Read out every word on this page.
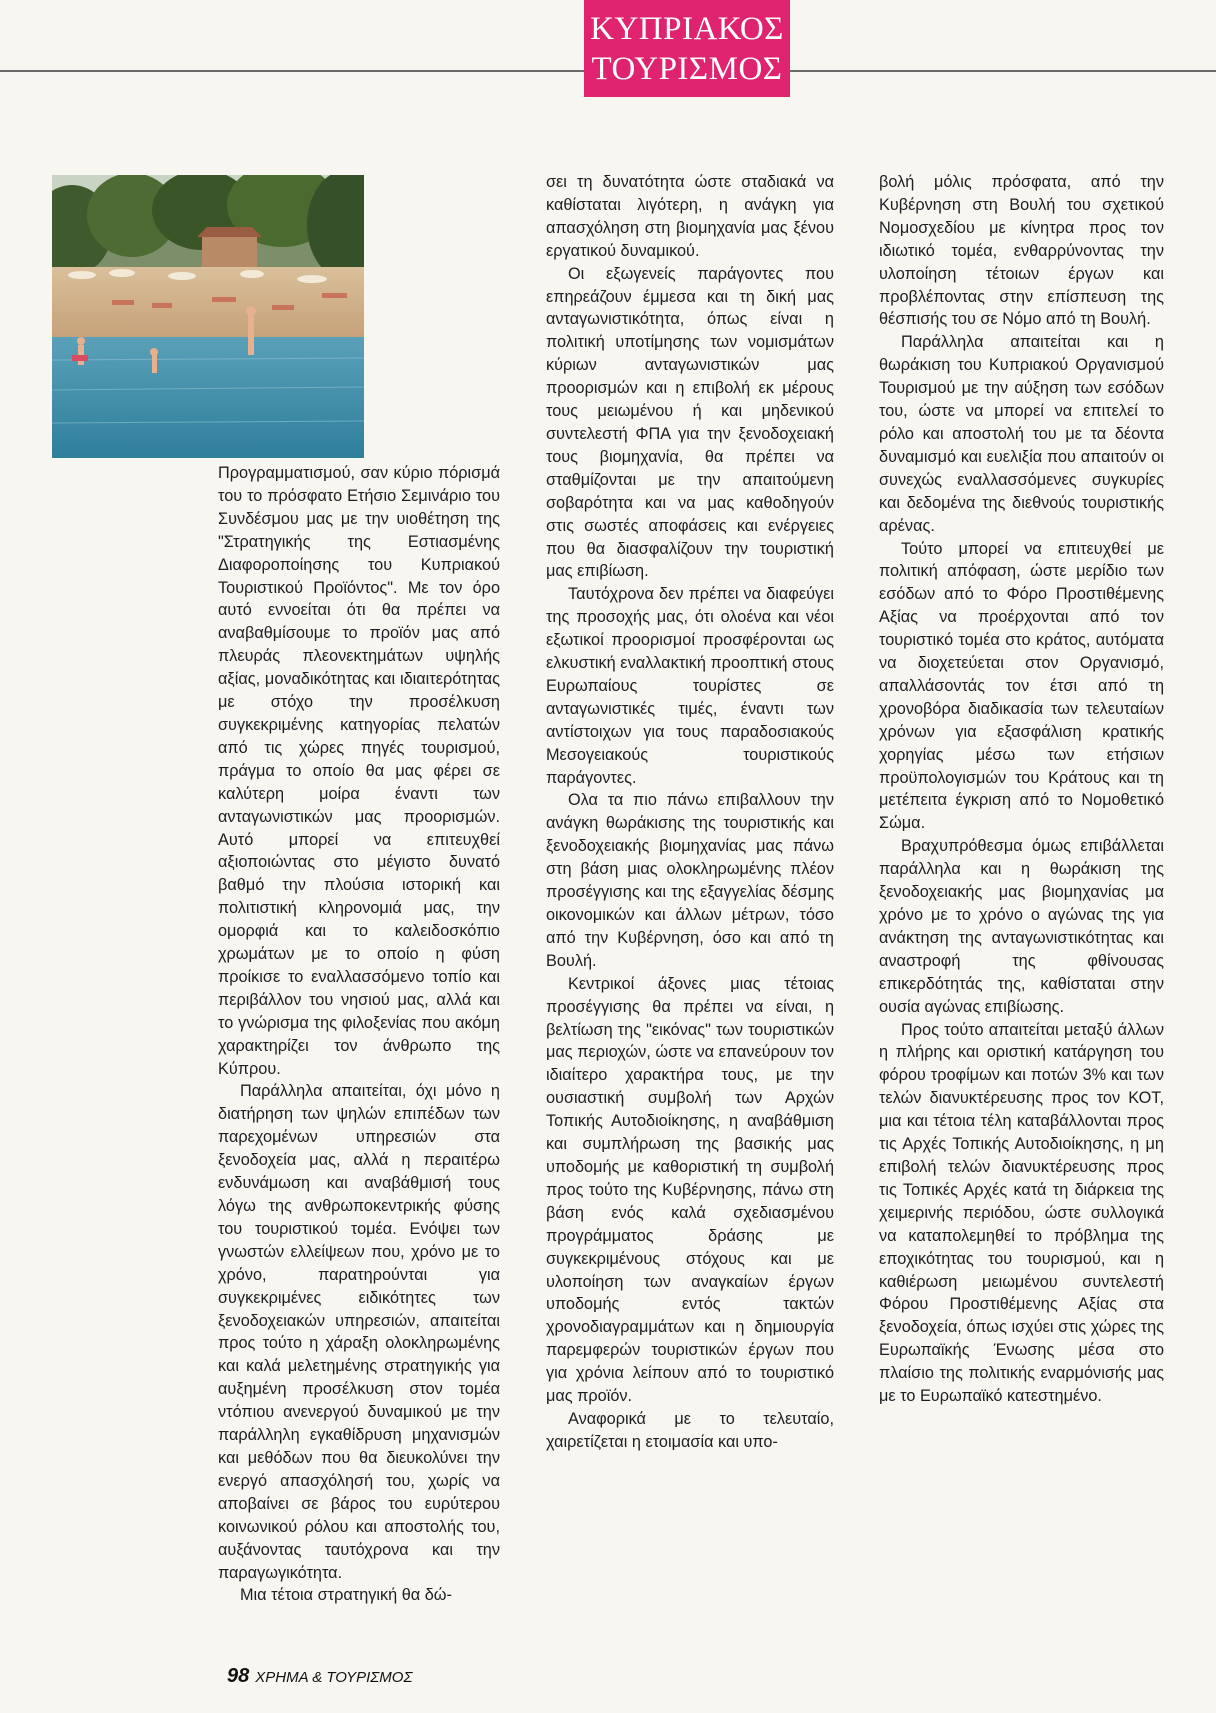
ΚΥΠΡΙΑΚΟΣ
ΤΟΥΡΙΣΜΟΣ

Προγραμματισμού, σαν κύριο πόρισμά του το πρόσφατο Ετήσιο Σεμινάριο του Συνδέσμου μας με την υιοθέτηση της "Στρατηγικής της Εστιασμένης Διαφοροποίησης του Κυπριακού Τουριστικού Προϊόντος". Με τον όρο αυτό εννοείται ότι θα πρέπει να αναβαθμίσουμε το προϊόν μας από πλευράς πλεονεκτημάτων υψηλής αξίας, μοναδικότητας και ιδιαιτερότητας με στόχο την προσέλκυση συγκεκριμένης κατηγορίας πελατών από τις χώρες πηγές τουρισμού, πράγμα το οποίο θα μας φέρει σε καλύτερη μοίρα έναντι των ανταγωνιστικών μας προορισμών. Αυτό μπορεί να επιτευχθεί αξιοποιώντας στο μέγιστο δυνατό βαθμό την πλούσια ιστορική και πολιτιστική κληρονομιά μας, την ομορφιά και το καλειδοσκόπιο χρωμάτων με το οποίο η φύση προίκισε το εναλλασσόμενο τοπίο και περιβάλλον του νησιού μας, αλλά και το γνώρισμα της φιλοξενίας που ακόμη χαρακτηρίζει τον άνθρωπο της Κύπρου.

Παράλληλα απαιτείται, όχι μόνο η διατήρηση των ψηλών επιπέδων των παρεχομένων υπηρεσιών στα ξενοδοχεία μας, αλλά η περαιτέρω ενδυνάμωση και αναβάθμισή τους λόγω της ανθρωποκεντρικής φύσης του τουριστικού τομέα. Ενόψει των γνωστών ελλείψεων που, χρόνο με το χρόνο, παρατηρούνται για συγκεκριμένες ειδικότητες των ξενοδοχειακών υπηρεσιών, απαιτείται προς τούτο η χάραξη ολοκληρωμένης και καλά μελετημένης στρατηγικής για αυξημένη προσέλκυση στον τομέα ντόπιου ανενεργού δυναμικού με την παράλληλη εγκαθίδρυση μηχανισμών και μεθόδων που θα διευκολύνει την ενεργό απασχόλησή του, χωρίς να αποβαίνει σε βάρος του ευρύτερου κοινωνικού ρόλου και αποστολής του, αυξάνοντας ταυτόχρονα και την παραγωγικότητα.

Μια τέτοια στρατηγική θα δώ-

σει τη δυνατότητα ώστε σταδιακά να καθίσταται λιγότερη, η ανάγκη για απασχόληση στη βιομηχανία μας ξένου εργατικού δυναμικού.

Οι εξωγενείς παράγοντες που επηρεάζουν έμμεσα και τη δική μας ανταγωνιστικότητα, όπως είναι η πολιτική υποτίμησης των νομισμάτων κύριων ανταγωνιστικών μας προορισμών και η επιβολή εκ μέρους τους μειωμένου ή και μηδενικού συντελεστή ΦΠΑ για την ξενοδοχειακή τους βιομηχανία, θα πρέπει να σταθμίζονται με την απαιτούμενη σοβαρότητα και να μας καθοδηγούν στις σωστές αποφάσεις και ενέργειες που θα διασφαλίζουν την τουριστική μας επιβίωση.

Ταυτόχρονα δεν πρέπει να διαφεύγει της προσοχής μας, ότι ολοένα και νέοι εξωτικοί προορισμοί προσφέρονται ως ελκυστική εναλλακτική προοπτική στους Ευρωπαίους τουρίστες σε ανταγωνιστικές τιμές, έναντι των αντίστοιχων για τους παραδοσιακούς Μεσογειακούς τουριστικούς παράγοντες.

Ολα τα πιο πάνω επιβαλλουν την ανάγκη θωράκισης της τουριστικής και ξενοδοχειακής βιομηχανίας μας πάνω στη βάση μιας ολοκληρωμένης πλέον προσέγγισης και της εξαγγελίας δέσμης οικονομικών και άλλων μέτρων, τόσο από την Κυβέρνηση, όσο και από τη Βουλή.

Κεντρικοί άξονες μιας τέτοιας προσέγγισης θα πρέπει να είναι, η βελτίωση της "εικόνας" των τουριστικών μας περιοχών, ώστε να επανεύρουν τον ιδιαίτερο χαρακτήρα τους, με την ουσιαστική συμβολή των Αρχών Τοπικής Αυτοδιοίκησης, η αναβάθμιση και συμπλήρωση της βασικής μας υποδομής με καθοριστική τη συμβολή προς τούτο της Κυβέρνησης, πάνω στη βάση ενός καλά σχεδιασμένου προγράμματος δράσης με συγκεκριμένους στόχους και με υλοποίηση των αναγκαίων έργων υποδομής εντός τακτών χρονοδιαγραμμάτων και η δημιουργία παρεμφερών τουριστικών έργων που για χρόνια λείπουν από το τουριστικό μας προϊόν.

Αναφορικά με το τελευταίο, χαιρετίζεται η ετοιμασία και υπο-

βολή μόλις πρόσφατα, από την Κυβέρνηση στη Βουλή του σχετικού Νομοσχεδίου με κίνητρα προς τον ιδιωτικό τομέα, ενθαρρύνοντας την υλοποίηση τέτοιων έργων και προβλέποντας στην επίσπευση της θέσπισής του σε Νόμο από τη Βουλή.

Παράλληλα απαιτείται και η θωράκιση του Κυπριακού Οργανισμού Τουρισμού με την αύξηση των εσόδων του, ώστε να μπορεί να επιτελεί το ρόλο και αποστολή του με τα δέοντα δυναμισμό και ευελιξία που απαιτούν οι συνεχώς εναλλασσόμενες συγκυρίες και δεδομένα της διεθνούς τουριστικής αρένας.

Τούτο μπορεί να επιτευχθεί με πολιτική απόφαση, ώστε μερίδιο των εσόδων από το Φόρο Προστιθέμενης Αξίας να προέρχονται από τον τουριστικό τομέα στο κράτος, αυτόματα να διοχετεύεται στον Οργανισμό, απαλλάσοντάς τον έτσι από τη χρονοβόρα διαδικασία των τελευταίων χρόνων για εξασφάλιση κρατικής χορηγίας μέσω των ετήσιων προϋπολογισμών του Κράτους και τη μετέπειτα έγκριση από το Νομοθετικό Σώμα.

Βραχυπρόθεσμα όμως επιβάλλεται παράλληλα και η θωράκιση της ξενοδοχειακής μας βιομηχανίας μα χρόνο με το χρόνο ο αγώνας της για ανάκτηση της ανταγωνιστικότητας και αναστροφή της φθίνουσας επικερδότητάς της, καθίσταται στην ουσία αγώνας επιβίωσης.

Προς τούτο απαιτείται μεταξύ άλλων η πλήρης και οριστική κατάργηση του φόρου τροφίμων και ποτών 3% και των τελών διανυκτέρευσης προς τον ΚΟΤ, μια και τέτοια τέλη καταβάλλονται προς τις Αρχές Τοπικής Αυτοδιοίκησης, η μη επιβολή τελών διανυκτέρευσης προς τις Τοπικές Αρχές κατά τη διάρκεια της χειμερινής περιόδου, ώστε συλλογικά να καταπολεμηθεί το πρόβλημα της εποχικότητας του τουρισμού, και η καθιέρωση μειωμένου συντελεστή Φόρου Προστιθέμενης Αξίας στα ξενοδοχεία, όπως ισχύει στις χώρες της Ευρωπαϊκής Ένωσης μέσα στο πλαίσιο της πολιτικής εναρμόνισής μας με το Ευρωπαϊκό κατεστημένο.

98 ΧΡΗΜΑ & ΤΟΥΡΙΣΜΟΣ
